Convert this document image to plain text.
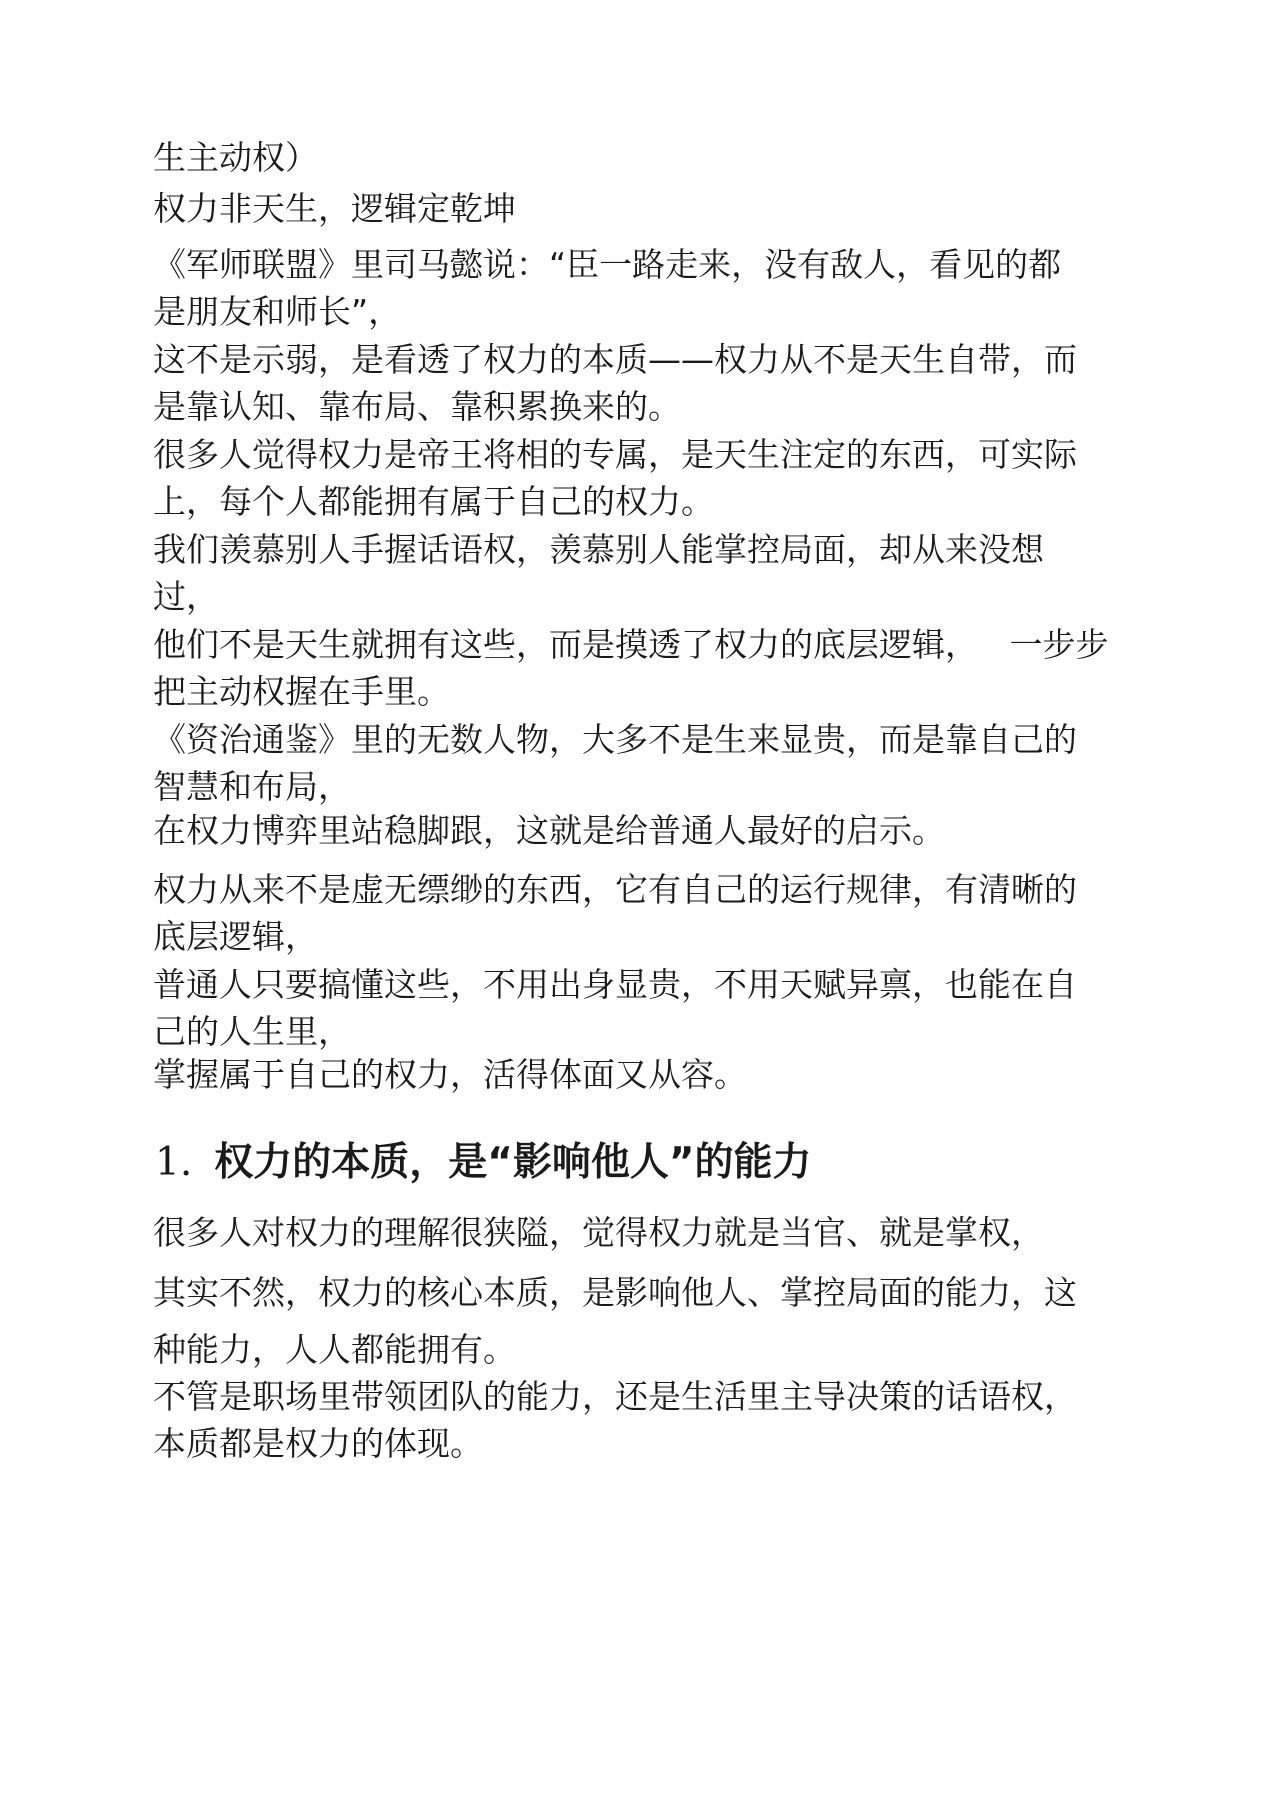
生主动权）

权力非天生，逻辑定乾坤

《军师联盟》里司马懿说：“臣一路走来，没有敌人，看见的都
是朋友和师长”，

这不是示弱，是看透了权力的本质——权力从不是天生自带，而
是靠认知、靠布局、靠积累换来的。

很多人觉得权力是帝王将相的专属，是天生注定的东西，可实际
上，每个人都能拥有属于自己的权力。

我们羡慕别人手握话语权，羡慕别人能掌控局面，却从来没想
过，

他们不是天生就拥有这些，而是摸透了权力的底层逻辑，   一步步
把主动权握在手里。

《资治通鉴》里的无数人物，大多不是生来显贵，而是靠自己的
智慧和布局，

在权力博弈里站稳脚跟，这就是给普通人最好的启示。

权力从来不是虚无缥缈的东西，它有自己的运行规律，有清晰的
底层逻辑，

普通人只要搞懂这些，不用出身显贵，不用天赋异禀，也能在自
己的人生里，

掌握属于自己的权力，活得体面又从容。

1. 权力的本质，是“影响他人”的能力

很多人对权力的理解很狭隘，觉得权力就是当官、就是掌权，

其实不然，权力的核心本质，是影响他人、掌控局面的能力，这
种能力，人人都能拥有。

不管是职场里带领团队的能力，还是生活里主导决策的话语权，
本质都是权力的体现。
